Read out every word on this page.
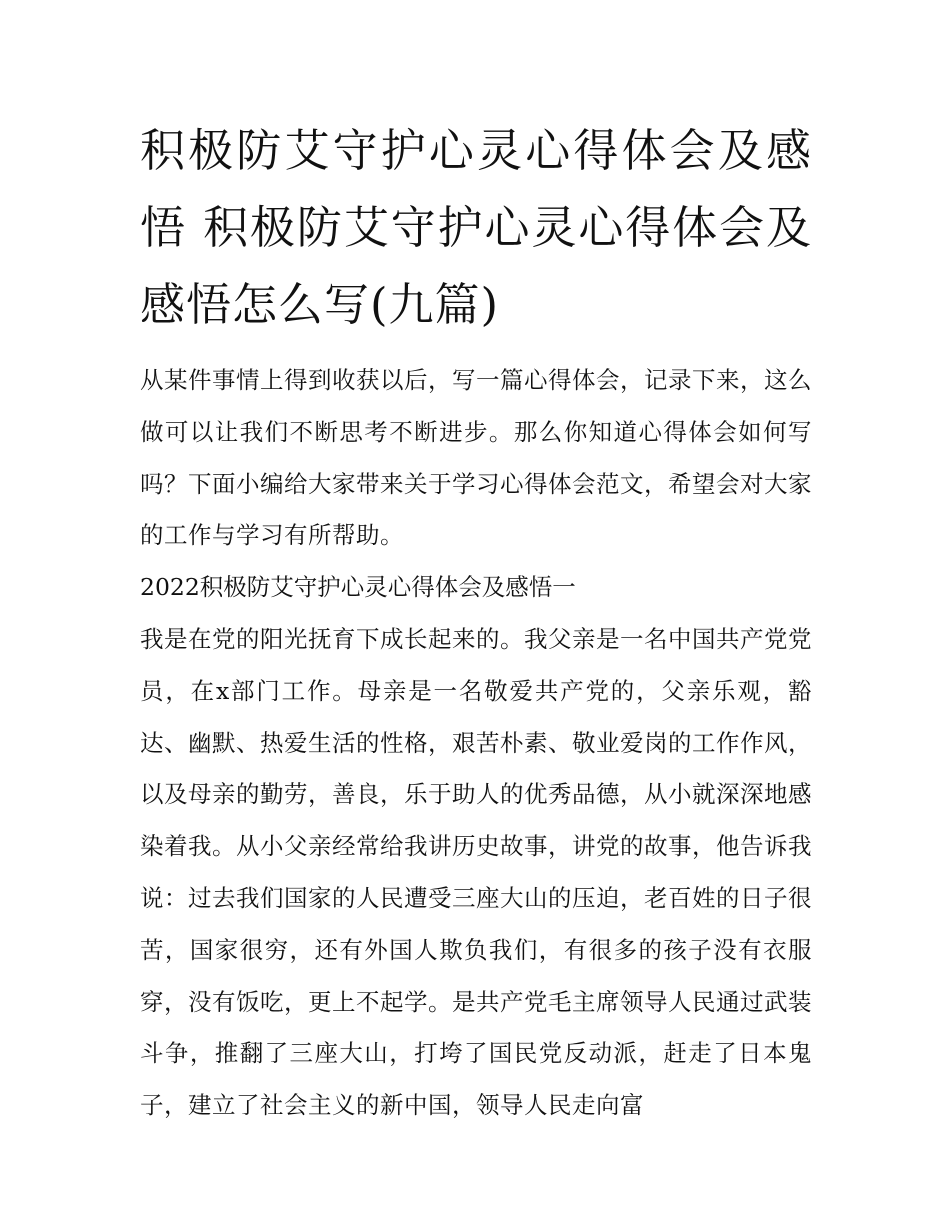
积极防艾守护心灵心得体会及感悟 积极防艾守护心灵心得体会及感悟怎么写(九篇)

从某件事情上得到收获以后，写一篇心得体会，记录下来，这么做可以让我们不断思考不断进步。那么你知道心得体会如何写吗？下面小编给大家带来关于学习心得体会范文，希望会对大家的工作与学习有所帮助。

2022积极防艾守护心灵心得体会及感悟一

我是在党的阳光抚育下成长起来的。我父亲是一名中国共产党党员，在x部门工作。母亲是一名敬爱共产党的，父亲乐观，豁达、幽默、热爱生活的性格，艰苦朴素、敬业爱岗的工作作风，以及母亲的勤劳，善良，乐于助人的优秀品德，从小就深深地感染着我。从小父亲经常给我讲历史故事，讲党的故事，他告诉我说：过去我们国家的人民遭受三座大山的压迫，老百姓的日子很苦，国家很穷，还有外国人欺负我们，有很多的孩子没有衣服穿，没有饭吃，更上不起学。是共产党毛主席领导人民通过武装斗争，推翻了三座大山，打垮了国民党反动派，赶走了日本鬼子，建立了社会主义的新中国，领导人民走向富
